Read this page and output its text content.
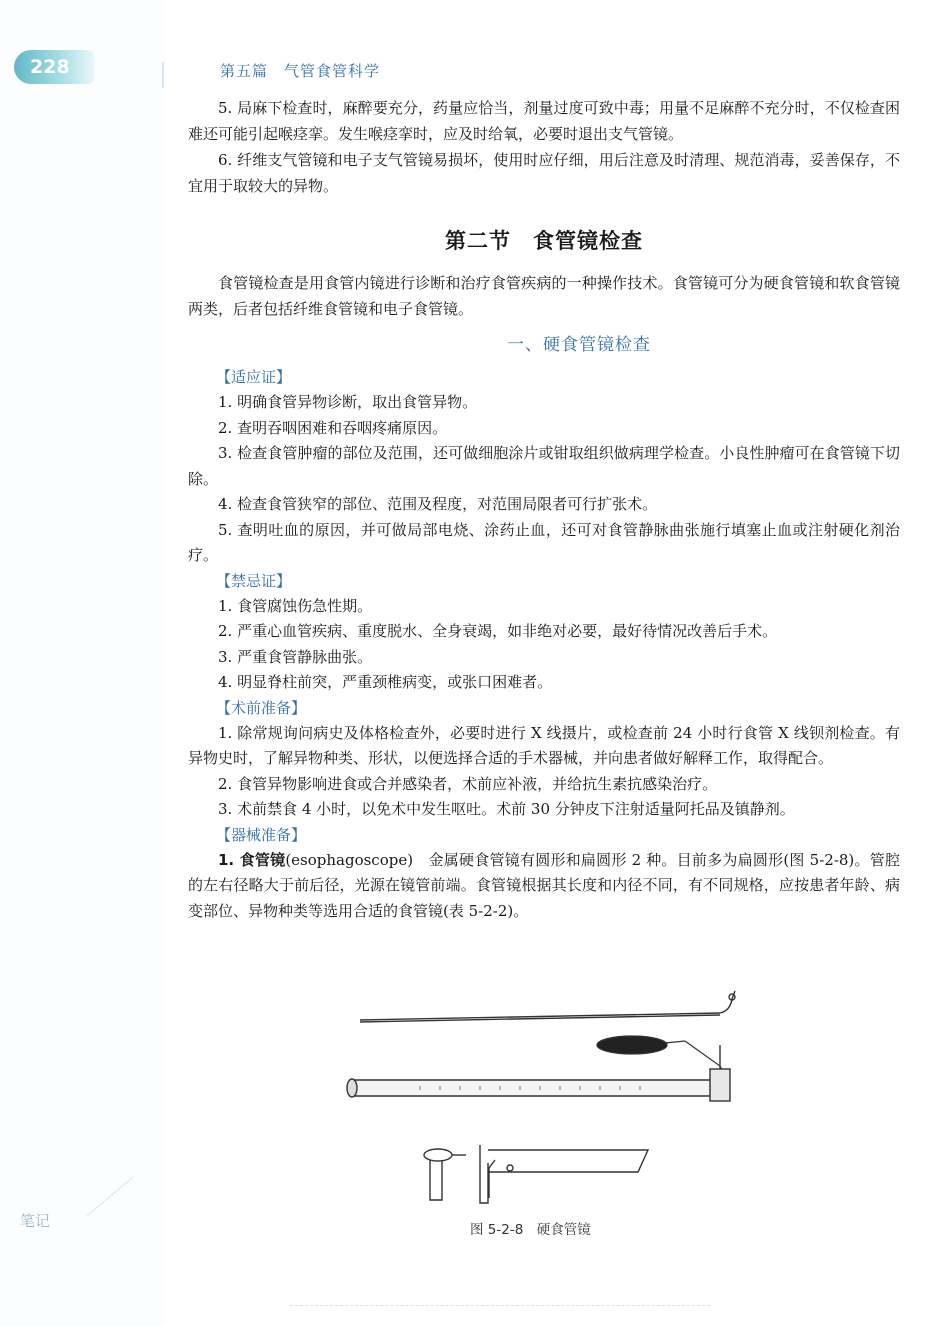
228	第五篇　气管食管科学
笔记

5. 局麻下检查时，麻醉要充分，药量应恰当，剂量过度可致中毒；用量不足麻醉不充分时，不仅检查困难还可能引起喉痉挛。发生喉痉挛时，应及时给氧，必要时退出支气管镜。

6. 纤维支气管镜和电子支气管镜易损坏，使用时应仔细，用后注意及时清理、规范消毒，妥善保存，不宜用于取较大的异物。

第二节　食管镜检查

食管镜检查是用食管内镜进行诊断和治疗食管疾病的一种操作技术。食管镜可分为硬食管镜和软食管镜两类，后者包括纤维食管镜和电子食管镜。

一、硬食管镜检查
【适应证】

1. 明确食管异物诊断，取出食管异物。

2. 查明吞咽困难和吞咽疼痛原因。

3. 检查食管肿瘤的部位及范围，还可做细胞涂片或钳取组织做病理学检查。小良性肿瘤可在食管镜下切除。

4. 检查食管狭窄的部位、范围及程度，对范围局限者可行扩张术。

5. 查明吐血的原因，并可做局部电烧、涂药止血，还可对食管静脉曲张施行填塞止血或注射硬化剂治疗。

【禁忌证】

1. 食管腐蚀伤急性期。

2. 严重心血管疾病、重度脱水、全身衰竭，如非绝对必要，最好待情况改善后手术。

3. 严重食管静脉曲张。

4. 明显脊柱前突，严重颈椎病变，或张口困难者。

【术前准备】

1. 除常规询问病史及体格检查外，必要时进行 X 线摄片，或检查前 24 小时行食管 X 线钡剂检查。有异物史时，了解异物种类、形状，以便选择合适的手术器械，并向患者做好解释工作，取得配合。

2. 食管异物影响进食或合并感染者，术前应补液，并给抗生素抗感染治疗。

3. 术前禁食 4 小时，以免术中发生呕吐。术前 30 分钟皮下注射适量阿托品及镇静剂。

【器械准备】

1. 食管镜(esophagoscope)　金属硬食管镜有圆形和扁圆形 2 种。目前多为扁圆形(图 5-2-8)。管腔的左右径略大于前后径，光源在镜管前端。食管镜根据其长度和内径不同，有不同规格，应按患者年龄、病变部位、异物种类等选用合适的食管镜(表 5-2-2)。

图 5-2-8　硬食管镜
